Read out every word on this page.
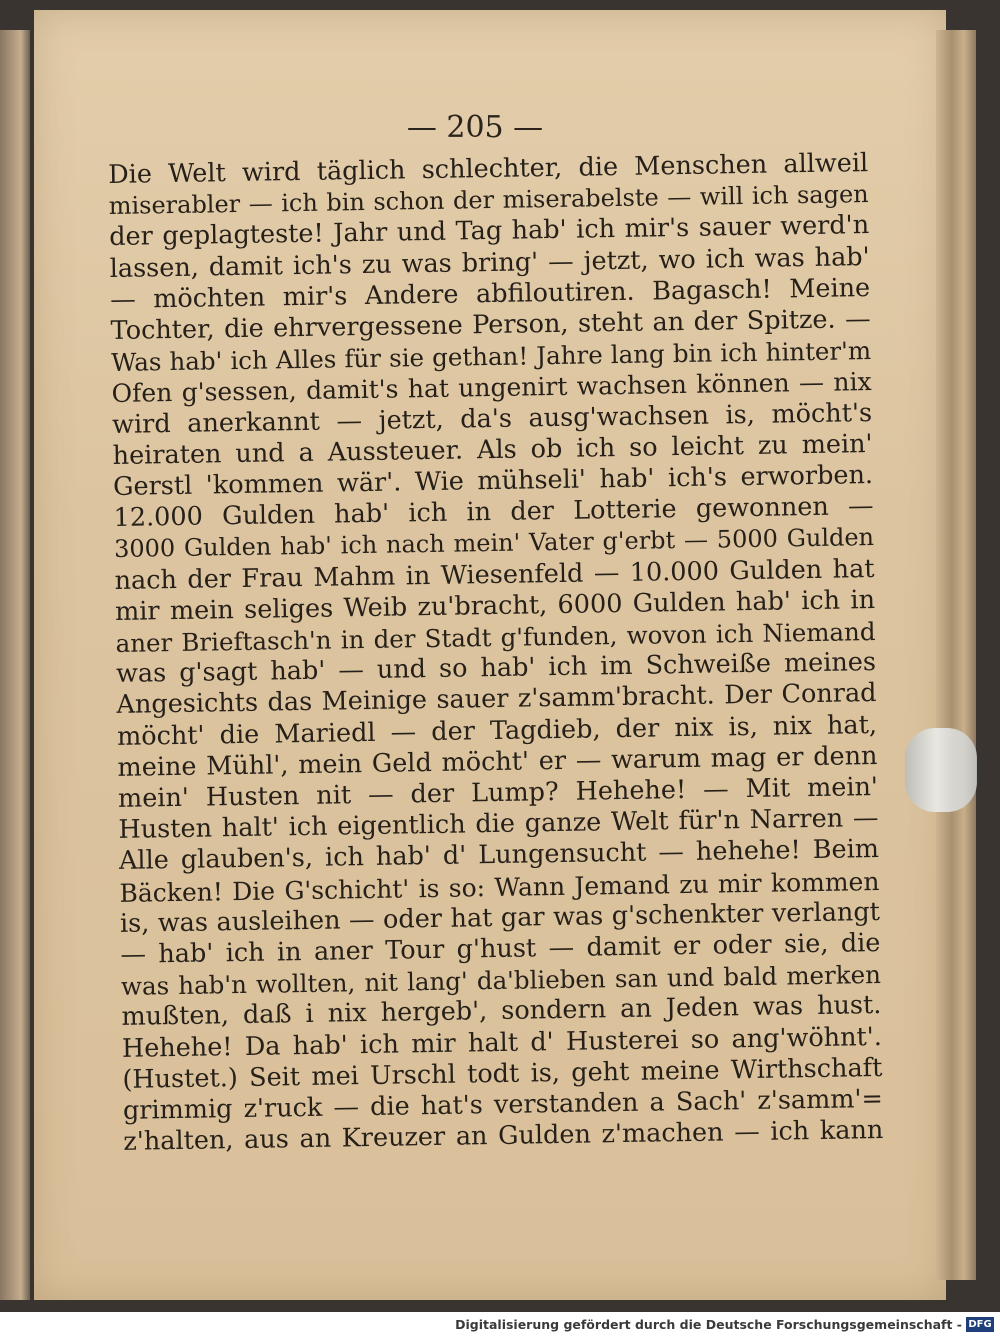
— 205 —
Die Welt wird täglich schlechter, die Menschen allweil
miserabler — ich bin schon der miserabelste — will ich sagen
der geplagteste! Jahr und Tag hab' ich mir's sauer werd'n
lassen, damit ich's zu was bring' — jetzt, wo ich was hab'
— möchten mir's Andere abfiloutiren. Bagasch! Meine
Tochter, die ehrvergessene Person, steht an der Spitze. —
Was hab' ich Alles für sie gethan! Jahre lang bin ich hinter'm
Ofen g'sessen, damit's hat ungenirt wachsen können — nix
wird anerkannt — jetzt, da's ausg'wachsen is, möcht's
heiraten und a Aussteuer. Als ob ich so leicht zu mein'
Gerstl 'kommen wär'. Wie mühseli' hab' ich's erworben.
12.000 Gulden hab' ich in der Lotterie gewonnen —
3000 Gulden hab' ich nach mein' Vater g'erbt — 5000 Gulden
nach der Frau Mahm in Wiesenfeld — 10.000 Gulden hat
mir mein seliges Weib zu'bracht, 6000 Gulden hab' ich in
aner Brieftasch'n in der Stadt g'funden, wovon ich Niemand
was g'sagt hab' — und so hab' ich im Schweiße meines
Angesichts das Meinige sauer z'samm'bracht. Der Conrad
möcht' die Mariedl — der Tagdieb, der nix is, nix hat,
meine Mühl', mein Geld möcht' er — warum mag er denn
mein' Husten nit — der Lump? Hehehe! — Mit mein'
Husten halt' ich eigentlich die ganze Welt für'n Narren —
Alle glauben's, ich hab' d' Lungensucht — hehehe! Beim
Bäcken! Die G'schicht' is so: Wann Jemand zu mir kommen
is, was ausleihen — oder hat gar was g'schenkter verlangt
— hab' ich in aner Tour g'hust — damit er oder sie, die
was hab'n wollten, nit lang' da'blieben san und bald merken
mußten, daß i nix hergeb', sondern an Jeden was hust.
Hehehe! Da hab' ich mir halt d' Husterei so ang'wöhnt'.
(Hustet.) Seit mei Urschl todt is, geht meine Wirthschaft
grimmig z'ruck — die hat's verstanden a Sach' z'samm'=
z'halten, aus an Kreuzer an Gulden z'machen — ich kann
Digitalisierung gefördert durch die Deutsche Forschungsgemeinschaft - DFG
